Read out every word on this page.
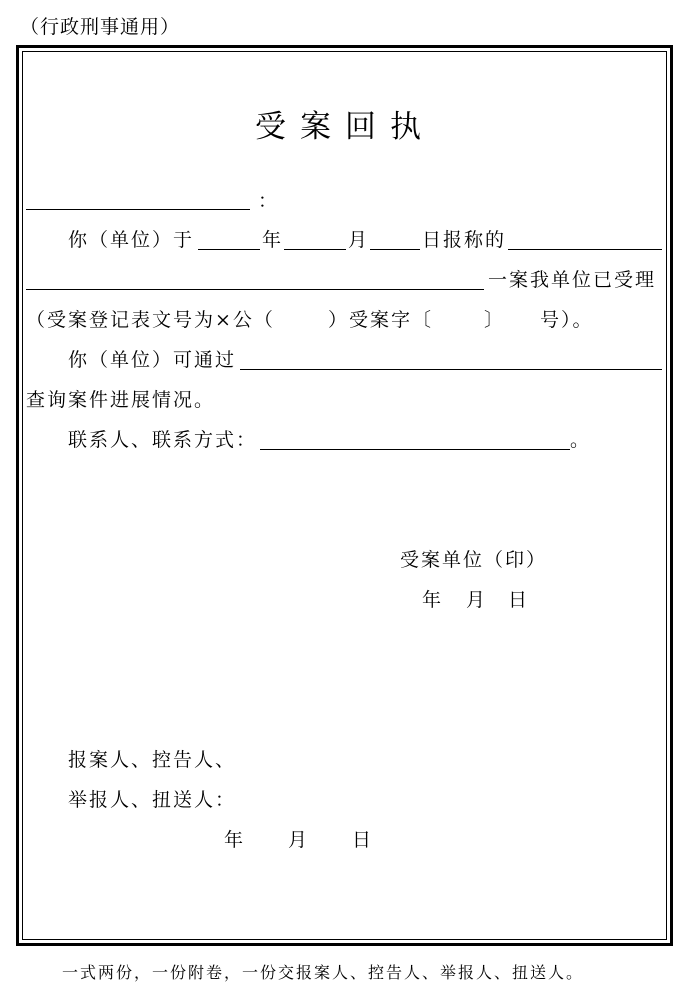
（行政刑事通用）
受案回执
：
你（单位）于	年	月	日报称的
一案我单位已受理
（受案登记表文号为×公（	）受案字〔	〕 号）。
你（单位）可通过
查询案件进展情况。
联系人、联系方式：	。
受案单位（印）
年 月 日
报案人、控告人、
举报人、扭送人：
年 月 日
一式两份，一份附卷，一份交报案人、控告人、举报人、扭送人。
